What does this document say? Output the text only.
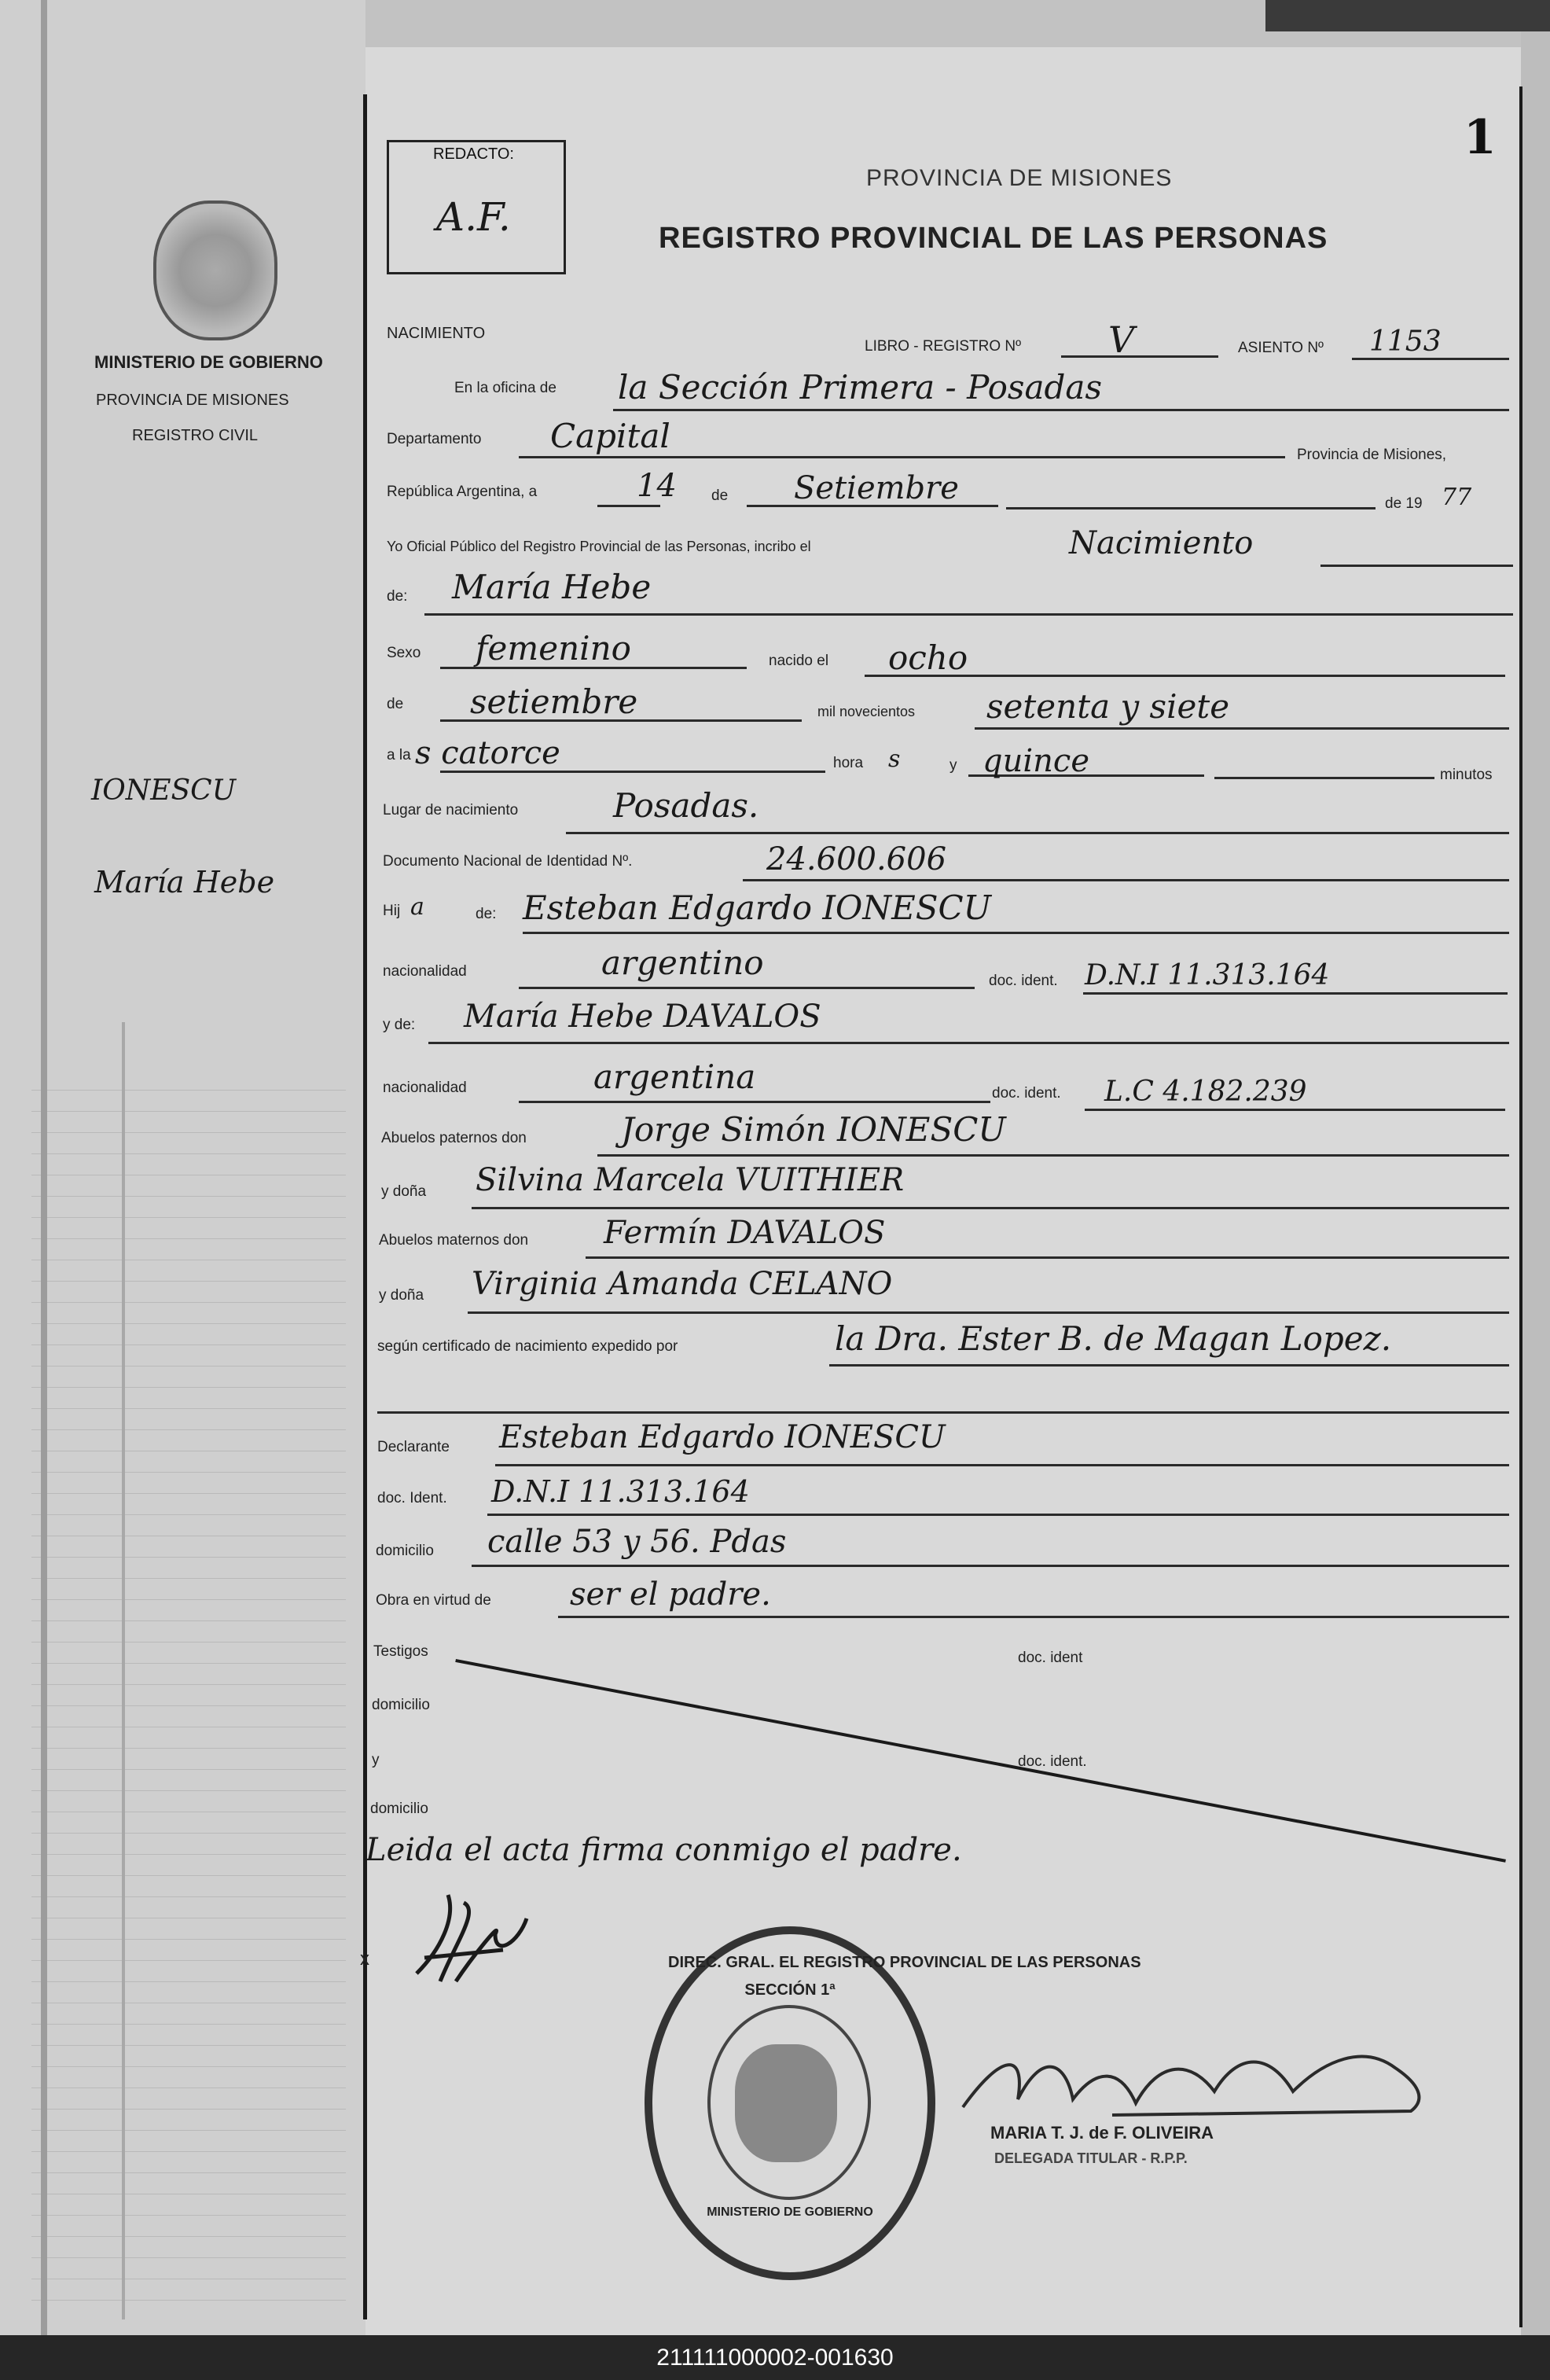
MINISTERIO DE GOBIERNO
PROVINCIA DE MISIONES
REGISTRO CIVIL
IONESCU
María Hebe
REDACTO:
A.F.
PROVINCIA DE MISIONES
REGISTRO PROVINCIAL DE LAS PERSONAS
1
NACIMIENTO
LIBRO - REGISTRO Nº V	ASIENTO Nº 1153
En la oficina de la Sección Primera - Posadas
Departamento Capital	Provincia de Misiones,
República Argentina, a	14 de Setiembre	de 19 77
Yo Oficial Público del Registro Provincial de las Personas, incribo el	Nacimiento
de: María Hebe
Sexo femenino	nacido el ocho
de setiembre	mil novecientos setenta y siete
a la s catorce	hora s	y quince	minutos
Lugar de nacimiento	Posadas.
Documento Nacional de Identidad Nº.	24.600.606
Hij a	de: Esteban Edgardo IONESCU
nacionalidad	argentino	doc. ident. D.N.I 11.313.164
y de: María Hebe DAVALOS
nacionalidad	argentina	doc. ident. L.C 4.182.239
Abuelos paternos don	Jorge Simón IONESCU
y doña Silvina Marcela VUITHIER
Abuelos maternos don Fermín DAVALOS
y doña Virginia Amanda CELANO
según certificado de nacimiento expedido por	la Dra. Ester B. de Magan Lopez.
Declarante Esteban Edgardo IONESCU
doc. Ident. D.N.I 11.313.164
domicilio calle 53 y 56. Pdas
Obra en virtud de	ser el padre.
Testigos	doc. ident
domicilio
y	doc. ident.
domicilio
Leida el acta firma conmigo el padre.
x	DIREC. GRAL. EL REGISTRO PROVINCIAL DE LAS PERSONAS
SECCIÓN 1ª
MINISTERIO DE GOBIERNO
MARIA T. J. de F. OLIVEIRA
DELEGADA TITULAR - R.P.P.
211111000002-001630
